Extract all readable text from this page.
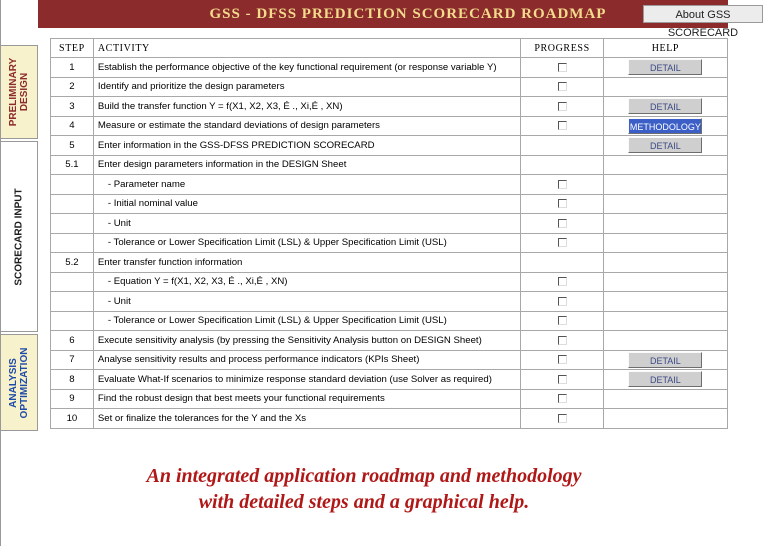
GSS - DFSS PREDICTION SCORECARD ROADMAP	About GSS SCORECARD
PRELIMINARY
DESIGN
SCORECARD INPUT
ANALYSIS
OPTIMIZATION
STEP	ACTIVITY	PROGRESS	HELP
1	Establish the performance objective of the key functional requirement (or response variable Y)		DETAIL
2	Identify and prioritize the design parameters		
3	Build the transfer function Y = f(X1, X2, X3, É ., Xi,É , XN)		DETAIL
4	Measure or estimate the standard deviations of design parameters		METHODOLOGY
5	Enter information in the GSS-DFSS PREDICTION SCORECARD		DETAIL
5.1	Enter design parameters information in the DESIGN Sheet		
	- Parameter name		
	- Initial nominal value		
	- Unit		
	- Tolerance or Lower Specification Limit (LSL) & Upper Specification Limit (USL)		
5.2	Enter transfer function information		
	- Equation Y = f(X1, X2, X3, É ., Xi,É , XN)		
	- Unit		
	- Tolerance or Lower Specification Limit (LSL) & Upper Specification Limit (USL)		
6	Execute sensitivity analysis (by pressing the Sensitivity Analysis button on DESIGN Sheet)		
7	Analyse sensitivity results and process performance indicators (KPIs Sheet)		DETAIL
8	Evaluate What-If scenarios to minimize response standard deviation (use Solver as required)		DETAIL
9	Find the robust design that best meets your functional requirements		
10	Set or finalize the tolerances for the Y and the Xs		
An integrated application roadmap and methodology
with detailed steps and a graphical help.
